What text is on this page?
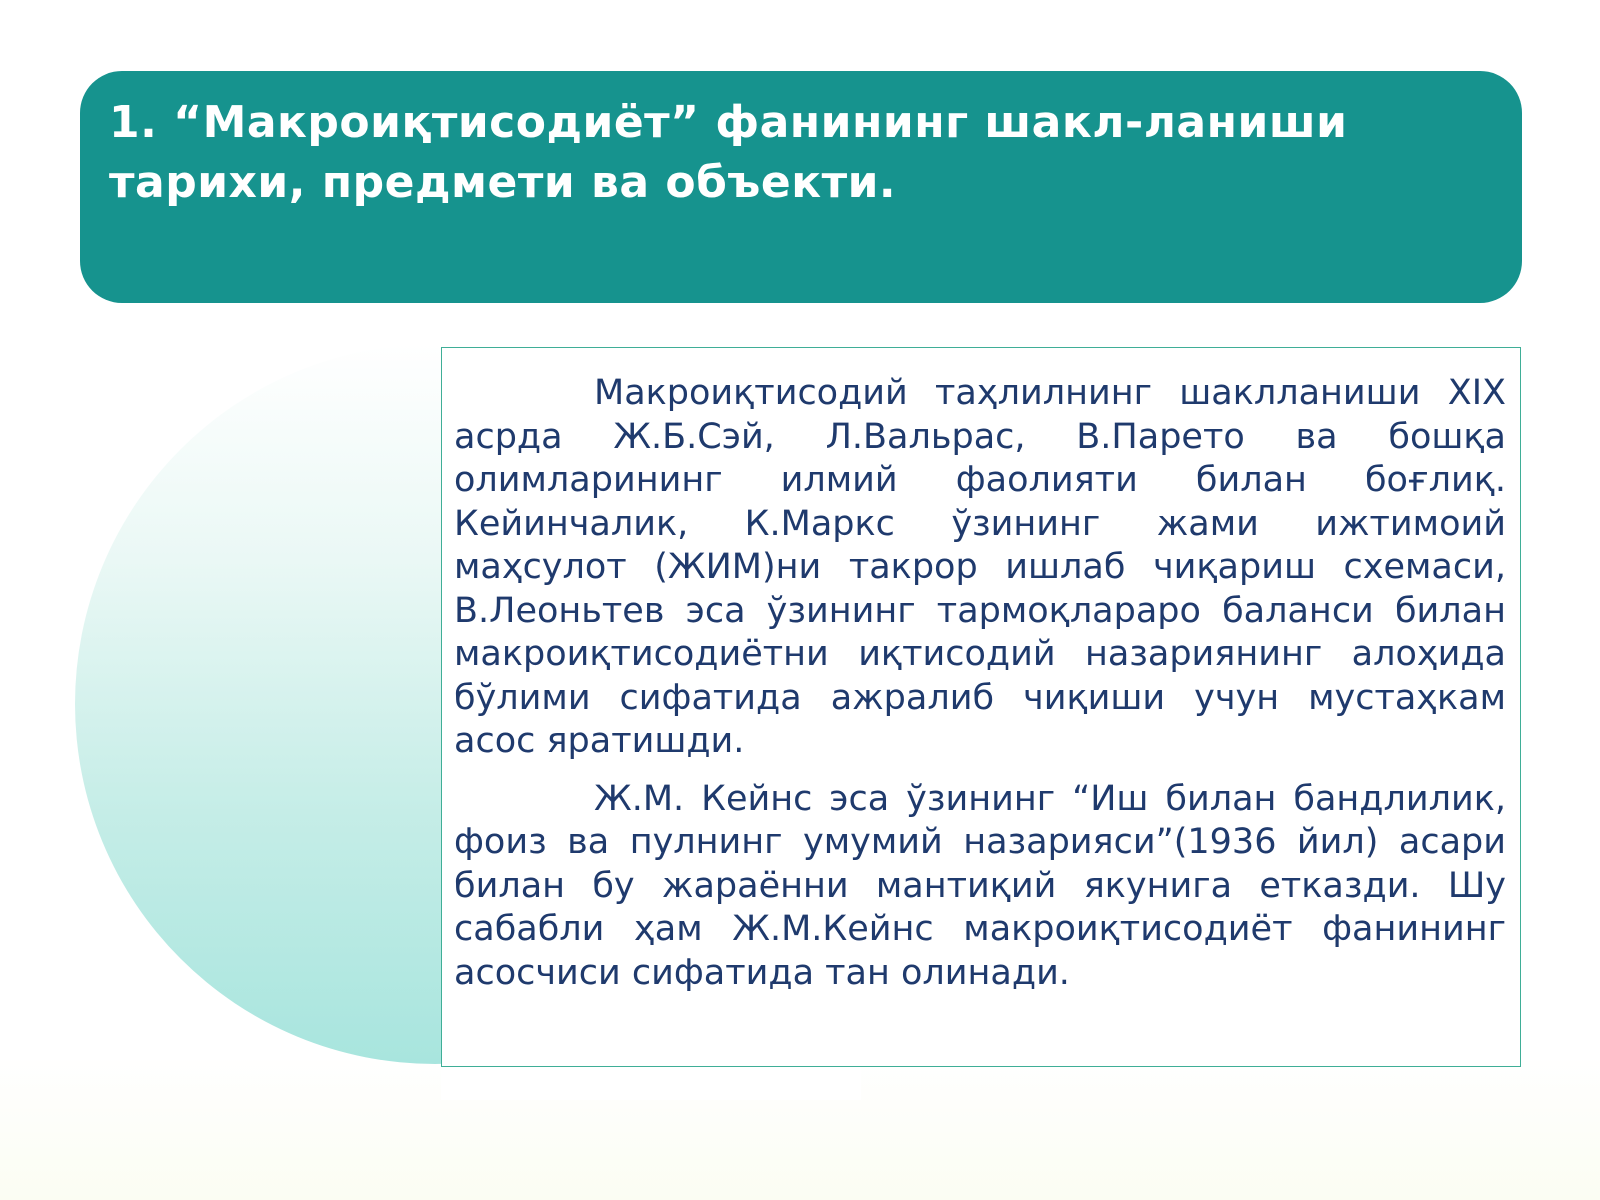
1. “Макроиқтисодиёт” фанининг шакл-ланиши тарихи, предмети ва объекти.

Макроиқтисодий таҳлилнинг шаклланиши XIX асрда Ж.Б.Сэй, Л.Вальрас, В.Парето ва бошқа олимларининг илмий фаолияти билан боғлиқ. Кейинчалик, К.Маркс ўзининг жами ижтимоий маҳсулот (ЖИМ)ни такрор ишлаб чиқариш схемаси, В.Леоньтев эса ўзининг тармоқлараро баланси билан макроиқтисодиётни иқтисодий назариянинг алоҳида бўлими сифатида ажралиб чиқиши учун мустаҳкам асос яратишди.

Ж.М. Кейнс эса ўзининг “Иш билан бандлилик, фоиз ва пулнинг умумий назарияси”(1936 йил) асари билан бу жараённи мантиқий якунига етказди. Шу сабабли ҳам Ж.М.Кейнс макроиқтисодиёт фанининг асосчиси сифатида тан олинади.
